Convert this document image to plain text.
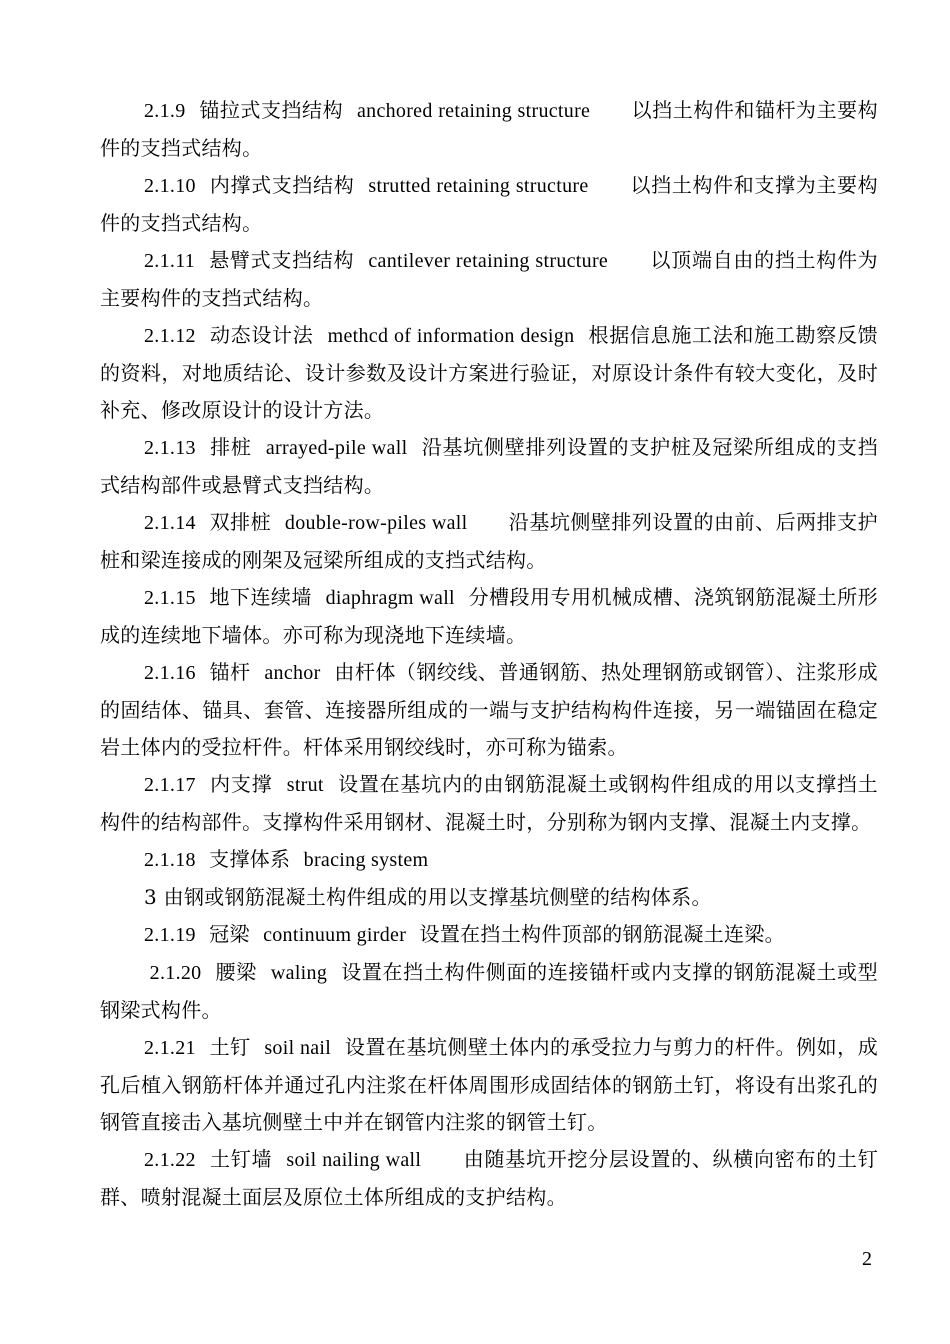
2.1.9 锚拉式支挡结构 anchored retaining structure 以挡土构件和锚杆为主要构件的支挡式结构。

2.1.10 内撑式支挡结构 strutted retaining structure 以挡土构件和支撑为主要构件的支挡式结构。

2.1.11 悬臂式支挡结构 cantilever retaining structure 以顶端自由的挡土构件为主要构件的支挡式结构。

2.1.12 动态设计法 methcd of information design 根据信息施工法和施工勘察反馈的资料，对地质结论、设计参数及设计方案进行验证，对原设计条件有较大变化，及时补充、修改原设计的设计方法。

2.1.13 排桩 arrayed-pile wall 沿基坑侧壁排列设置的支护桩及冠梁所组成的支挡式结构部件或悬臂式支挡结构。

2.1.14 双排桩 double-row-piles wall 沿基坑侧壁排列设置的由前、后两排支护桩和梁连接成的刚架及冠梁所组成的支挡式结构。

2.1.15 地下连续墙 diaphragm wall 分槽段用专用机械成槽、浇筑钢筋混凝土所形成的连续地下墙体。亦可称为现浇地下连续墙。

2.1.16 锚杆 anchor 由杆体（钢绞线、普通钢筋、热处理钢筋或钢管）、注浆形成的固结体、锚具、套管、连接器所组成的一端与支护结构构件连接，另一端锚固在稳定岩土体内的受拉杆件。杆体采用钢绞线时，亦可称为锚索。

2.1.17 内支撑 strut 设置在基坑内的由钢筋混凝土或钢构件组成的用以支撑挡土构件的结构部件。支撑构件采用钢材、混凝土时，分别称为钢内支撑、混凝土内支撑。

2.1.18 支撑体系 bracing system

3 由钢或钢筋混凝土构件组成的用以支撑基坑侧壁的结构体系。

2.1.19 冠梁 continuum girder 设置在挡土构件顶部的钢筋混凝土连梁。

2.1.20 腰梁 waling 设置在挡土构件侧面的连接锚杆或内支撑的钢筋混凝土或型钢梁式构件。

2.1.21 土钉 soil nail 设置在基坑侧壁土体内的承受拉力与剪力的杆件。例如，成孔后植入钢筋杆体并通过孔内注浆在杆体周围形成固结体的钢筋土钉，将设有出浆孔的钢管直接击入基坑侧壁土中并在钢管内注浆的钢管土钉。

2.1.22 土钉墙 soil nailing wall 由随基坑开挖分层设置的、纵横向密布的土钉群、喷射混凝土面层及原位土体所组成的支护结构。

2
